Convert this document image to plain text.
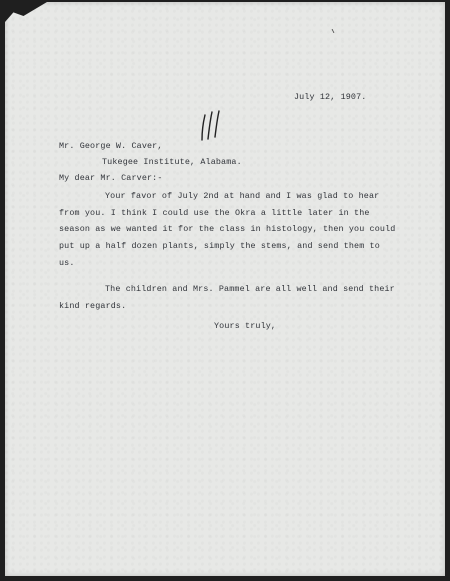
July 12, 1907.
Mr. George W. Caver,
Tukegee Institute, Alabama.
My dear Mr. Carver:-
Your favor of July 2nd at hand and I was glad to hear
from you. I think I could use the Okra a little later in the
season as we wanted it for the class in histology, then you could
put up a half dozen plants, simply the stems, and send them to
us.
The children and Mrs. Pammel are all well and send their
kind regards.
Yours truly,
